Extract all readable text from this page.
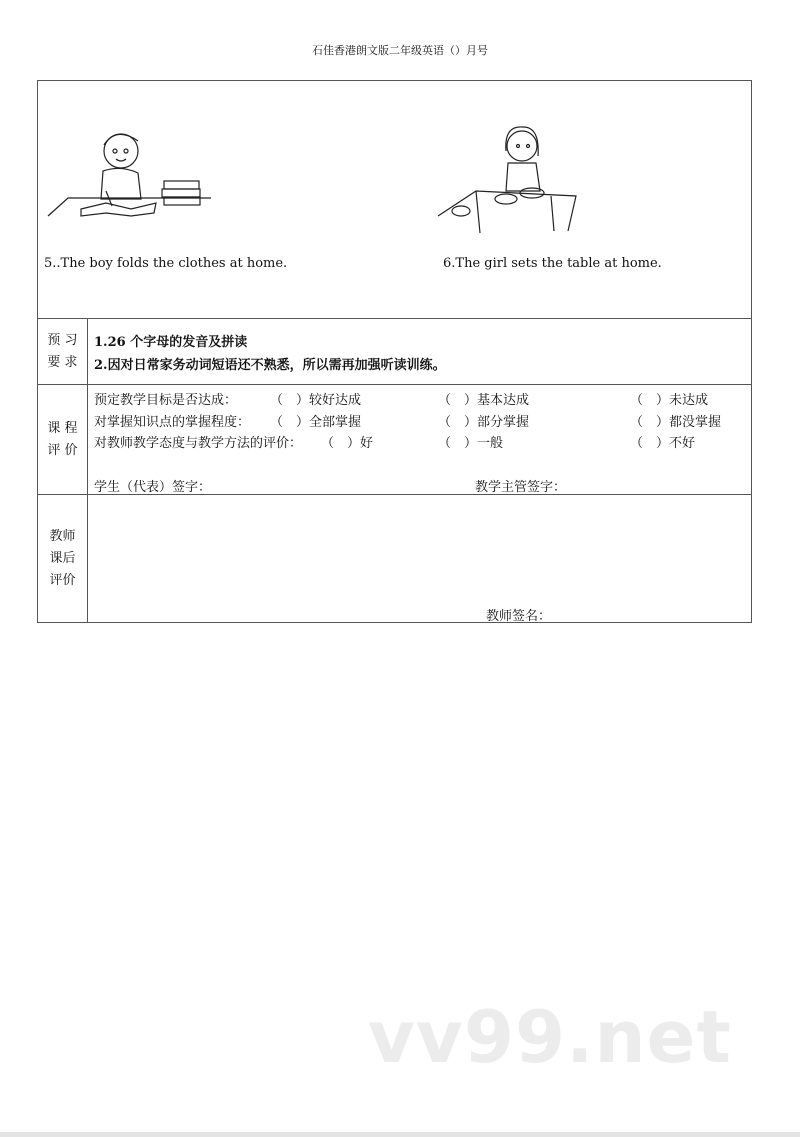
石佳香港朗文版二年级英语（）月号
5..The boy folds the clothes at home.	6.The girl sets the table at home.
预 习
要 求
1.26 个字母的发音及拼读
2.因对日常家务动词短语还不熟悉，所以需再加强听读训练。
课 程
评 价
预定教学目标是否达成：	（　）较好达成	（　）基本达成	（　）未达成
对掌握知识点的掌握程度： （　）全部掌握	（　）部分掌握	（　）都没掌握
对教师教学态度与教学方法的评价： （　）好	（　）一般	（　）不好
学生（代表）签字：	教学主管签字：
教师
课后
评价
教师签名：
vv99.net
